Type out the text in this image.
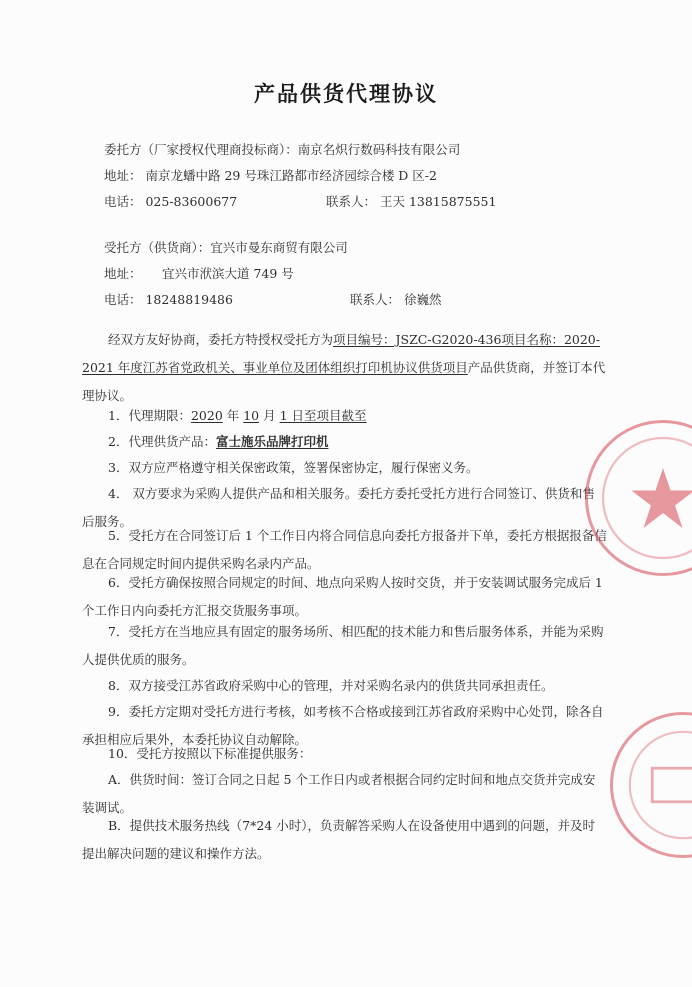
产品供货代理协议
委托方（厂家授权代理商投标商）：南京名炽行数码科技有限公司
地址： 南京龙蟠中路 29 号珠江路都市经济园综合楼 D 区-2
电话： 025-83600677	联系人： 王天 13815875551
受托方（供货商）：宜兴市曼东商贸有限公司
地址： 宜兴市洑滨大道 749 号
电话： 18248819486	联系人： 徐巍然
经双方友好协商，委托方特授权受托方为项目编号：JSZC-G2020-436项目名称：2020-2021 年度江苏省党政机关、事业单位及团体组织打印机协议供货项目产品供货商，并签订本代理协议。
1．代理期限：2020 年 10 月 1 日至项目截至
2．代理供货产品：富士施乐品牌打印机
3．双方应严格遵守相关保密政策，签署保密协定，履行保密义务。
4． 双方要求为采购人提供产品和相关服务。委托方委托受托方进行合同签订、供货和售后服务。
5．受托方在合同签订后 1 个工作日内将合同信息向委托方报备并下单，委托方根据报备信息在合同规定时间内提供采购名录内产品。
6．受托方确保按照合同规定的时间、地点向采购人按时交货，并于安装调试服务完成后 1 个工作日内向委托方汇报交货服务事项。
7．受托方在当地应具有固定的服务场所、相匹配的技术能力和售后服务体系，并能为采购人提供优质的服务。
8．双方接受江苏省政府采购中心的管理，并对采购名录内的供货共同承担责任。
9．委托方定期对受托方进行考核，如考核不合格或接到江苏省政府采购中心处罚，除各自承担相应后果外，本委托协议自动解除。
10．受托方按照以下标准提供服务：
A．供货时间：签订合同之日起 5 个工作日内或者根据合同约定时间和地点交货并完成安装调试。
B．提供技术服务热线（7*24 小时），负责解答采购人在设备使用中遇到的问题，并及时提出解决问题的建议和操作方法。
